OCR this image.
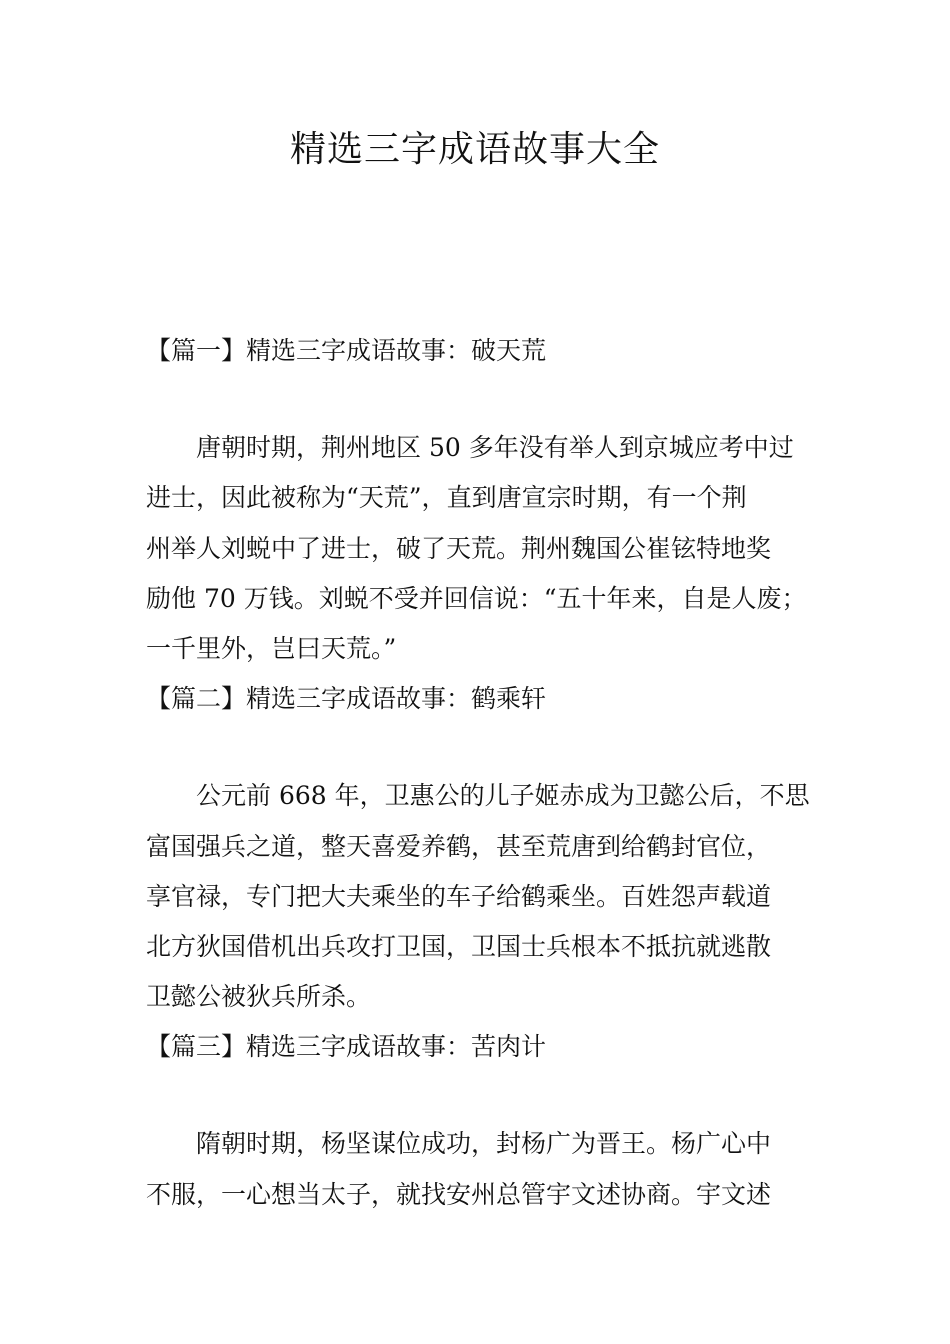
精选三字成语故事大全
【篇一】精选三字成语故事：破天荒

唐朝时期，荆州地区 50 多年没有举人到京城应考中过

进士，因此被称为“天荒”，直到唐宣宗时期，有一个荆

州举人刘蜕中了进士，破了天荒。荆州魏国公崔铉特地奖

励他 70 万钱。刘蜕不受并回信说：“五十年来，自是人废；

一千里外，岂曰天荒。”

【篇二】精选三字成语故事：鹤乘轩

公元前 668 年，卫惠公的儿子姬赤成为卫懿公后，不思

富国强兵之道，整天喜爱养鹤，甚至荒唐到给鹤封官位，

享官禄，专门把大夫乘坐的车子给鹤乘坐。百姓怨声载道

北方狄国借机出兵攻打卫国，卫国士兵根本不抵抗就逃散

卫懿公被狄兵所杀。

【篇三】精选三字成语故事：苦肉计

隋朝时期，杨坚谋位成功，封杨广为晋王。杨广心中

不服，一心想当太子，就找安州总管宇文述协商。宇文述
